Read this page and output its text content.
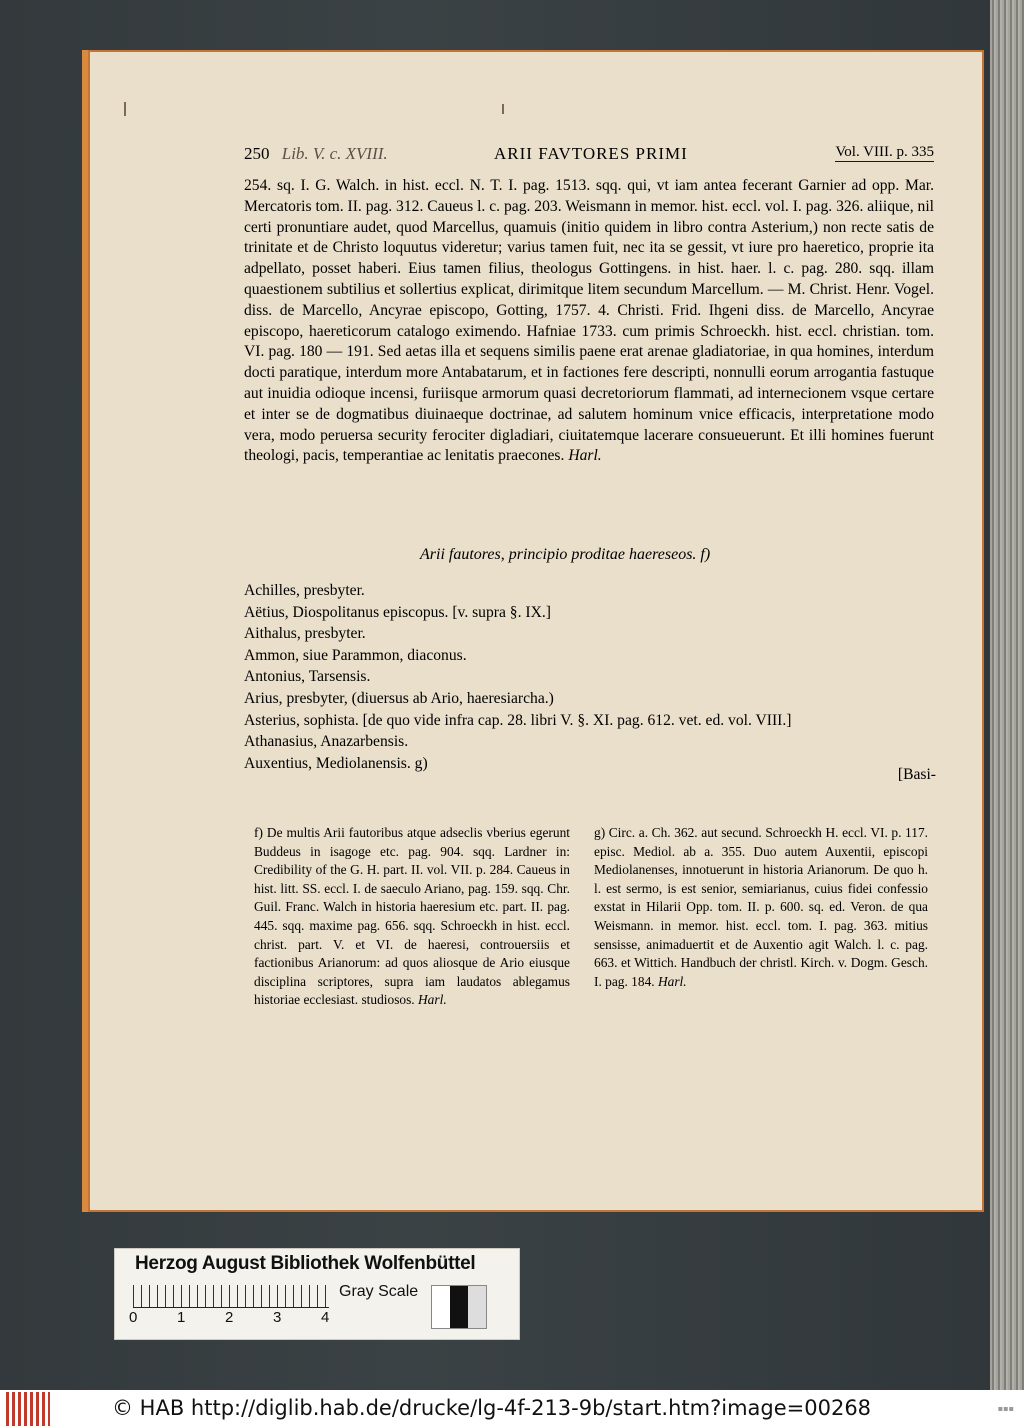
250 Lib. V. c. XVIII.	ARII FAVTORES PRIMI	Vol. VIII. p. 335

254. sq. I. G. Walch. in hist. eccl. N. T. I. pag. 1513. sqq. qui, vt iam antea fecerant Garnier ad opp. Mar. Mercatoris tom. II. pag. 312. Caueus l. c. pag. 203. Weismann in memor. hist. eccl. vol. I. pag. 326. aliique, nil certi pronuntiare audet, quod Marcellus, quamuis (initio quidem in libro contra Asterium,) non recte satis de trinitate et de Christo loquutus videretur; varius tamen fuit, nec ita se gessit, vt iure pro haeretico, proprie ita adpellato, posset haberi. Eius tamen filius, theologus Gottingens. in hist. haer. l. c. pag. 280. sqq. illam quaestionem subtilius et sollertius explicat, dirimitque litem secundum Marcellum. — M. Christ. Henr. Vogel. diss. de Marcello, Ancyrae episcopo, Gotting, 1757. 4. Christi. Frid. Ihgeni diss. de Marcello, Ancyrae episcopo, haereticorum catalogo eximendo. Hafniae 1733. cum primis Schroeckh. hist. eccl. christian. tom. VI. pag. 180 — 191. Sed aetas illa et sequens similis paene erat arenae gladiatoriae, in qua homines, interdum docti paratique, interdum more Antabatarum, et in factiones fere descripti, nonnulli eorum arrogantia fastuque aut inuidia odioque incensi, furiisque armorum quasi decretoriorum flammati, ad internecionem vsque certare et inter se de dogmatibus diuinaeque doctrinae, ad salutem hominum vnice efficacis, interpretatione modo vera, modo peruersa security ferociter digladiari, ciuitatemque lacerare consueuerunt. Et illi homines fuerunt theologi, pacis, temperantiae ac lenitatis praecones. Harl.

Arii fautores, principio proditae haereseos. f)
Achilles, presbyter.
Aëtius, Diospolitanus episcopus. [v. supra §. IX.]
Aithalus, presbyter.
Ammon, siue Parammon, diaconus.
Antonius, Tarsensis.
Arius, presbyter, (diuersus ab Ario, haeresiarcha.)
Asterius, sophista. [de quo vide infra cap. 28. libri V. §. XI. pag. 612. vet. ed. vol. VIII.]
Athanasius, Anazarbensis.
Auxentius, Mediolanensis. g)
[Basi-
f) De multis Arii fautoribus atque adseclis vberius egerunt Buddeus in isagoge etc. pag. 904. sqq. Lardner in: Credibility of the G. H. part. II. vol. VII. p. 284. Caueus in hist. litt. SS. eccl. I. de saeculo Ariano, pag. 159. sqq. Chr. Guil. Franc. Walch in historia haeresium etc. part. II. pag. 445. sqq. maxime pag. 656. sqq. Schroeckh in hist. eccl. christ. part. V. et VI. de haeresi, controuersiis et factionibus Arianorum: ad quos aliosque de Ario eiusque disciplina scriptores, supra iam laudatos ablegamus historiae ecclesiast. studiosos. Harl.
g) Circ. a. Ch. 362. aut secund. Schroeckh H. eccl. VI. p. 117. episc. Mediol. ab a. 355. Duo autem Auxentii, episcopi Mediolanenses, innotuerunt in historia Arianorum. De quo h. l. est sermo, is est senior, semiarianus, cuius fidei confessio exstat in Hilarii Opp. tom. II. p. 600. sq. ed. Veron. de qua Weismann. in memor. hist. eccl. tom. I. pag. 363. mitius sensisse, animaduertit et de Auxentio agit Walch. l. c. pag. 663. et Wittich. Handbuch der christl. Kirch. v. Dogm. Gesch. I. pag. 184. Harl.
Herzog August Bibliothek Wolfenbüttel
0	1	2	3	4
Gray Scale
© HAB http://diglib.hab.de/drucke/lg-4f-213-9b/start.htm?image=00268	▪▪▪
